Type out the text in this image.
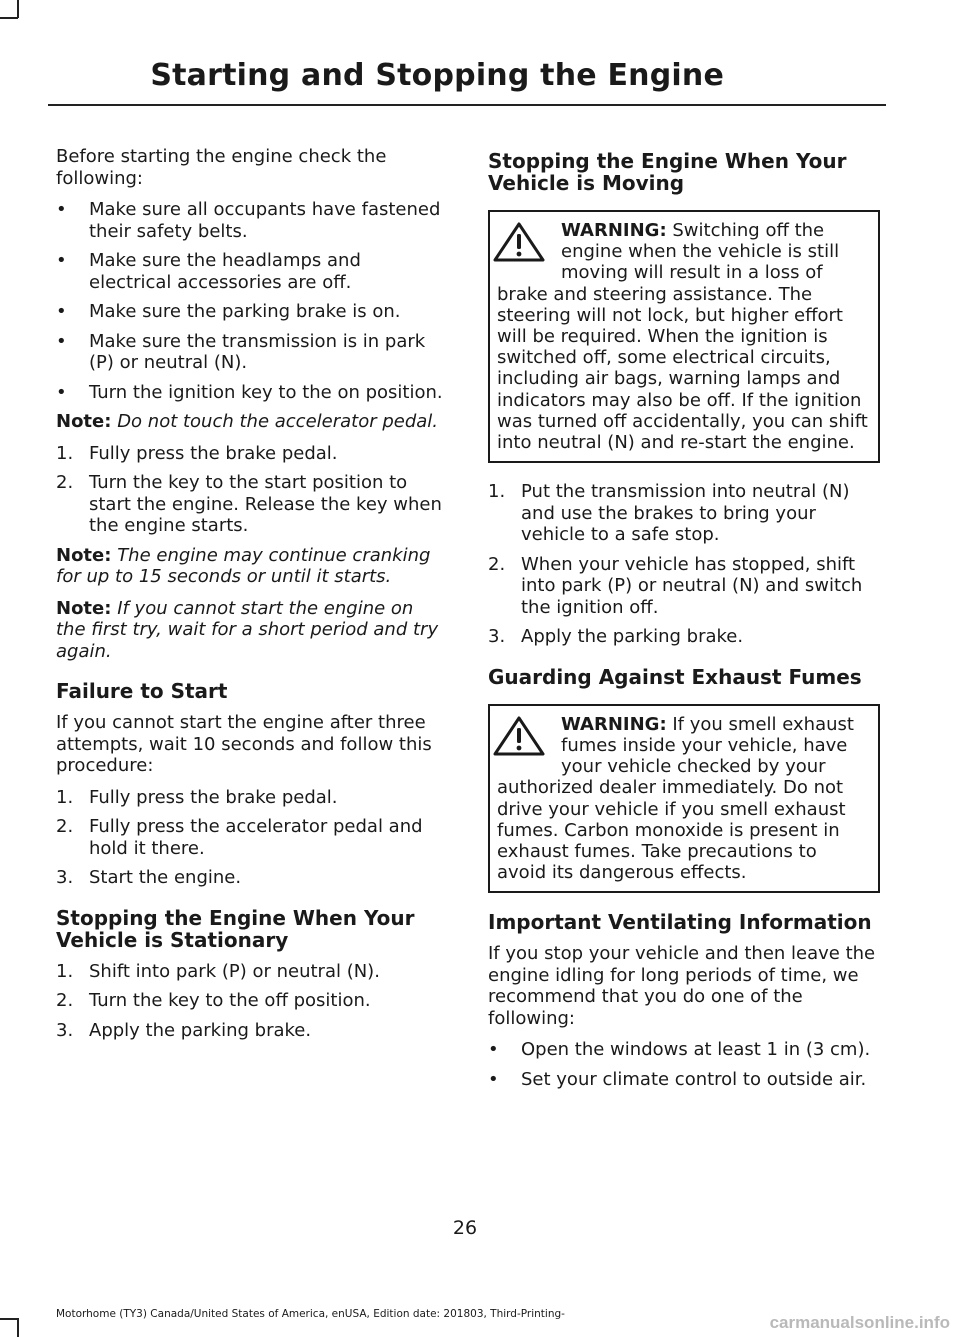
Starting and Stopping the Engine

Before starting the engine check the following:

•	Make sure all occupants have fastened their safety belts.
•	Make sure the headlamps and electrical accessories are off.
•	Make sure the parking brake is on.
•	Make sure the transmission is in park (P) or neutral (N).
•	Turn the ignition key to the on position.

Note: Do not touch the accelerator pedal.

1. Fully press the brake pedal.
2. Turn the key to the start position to start the engine. Release the key when the engine starts.

Note: The engine may continue cranking for up to 15 seconds or until it starts.

Note: If you cannot start the engine on the first try, wait for a short period and try again.

Failure to Start

If you cannot start the engine after three attempts, wait 10 seconds and follow this procedure:

1. Fully press the brake pedal.
2. Fully press the accelerator pedal and hold it there.
3. Start the engine.
Stopping the Engine When Your Vehicle is Stationary
1. Shift into park (P) or neutral (N).
2. Turn the key to the off position.
3. Apply the parking brake.
Stopping the Engine When Your Vehicle is Moving
WARNING: Switching off the engine when the vehicle is still moving will result in a loss of brake and steering assistance. The steering will not lock, but higher effort will be required. When the ignition is switched off, some electrical circuits, including air bags, warning lamps and indicators may also be off. If the ignition was turned off accidentally, you can shift into neutral (N) and re-start the engine.
1. Put the transmission into neutral (N) and use the brakes to bring your vehicle to a safe stop.
2. When your vehicle has stopped, shift into park (P) or neutral (N) and switch the ignition off.
3. Apply the parking brake.
Guarding Against Exhaust Fumes
WARNING: If you smell exhaust fumes inside your vehicle, have your vehicle checked by your authorized dealer immediately. Do not drive your vehicle if you smell exhaust fumes. Carbon monoxide is present in exhaust fumes. Take precautions to avoid its dangerous effects.
Important Ventilating Information

If you stop your vehicle and then leave the engine idling for long periods of time, we recommend that you do one of the following:

•	Open the windows at least 1 in (3 cm).
•	Set your climate control to outside air.
26
Motorhome (TY3) Canada/United States of America, enUSA, Edition date: 201803, Third-Printing-	carmanualsonline.info
